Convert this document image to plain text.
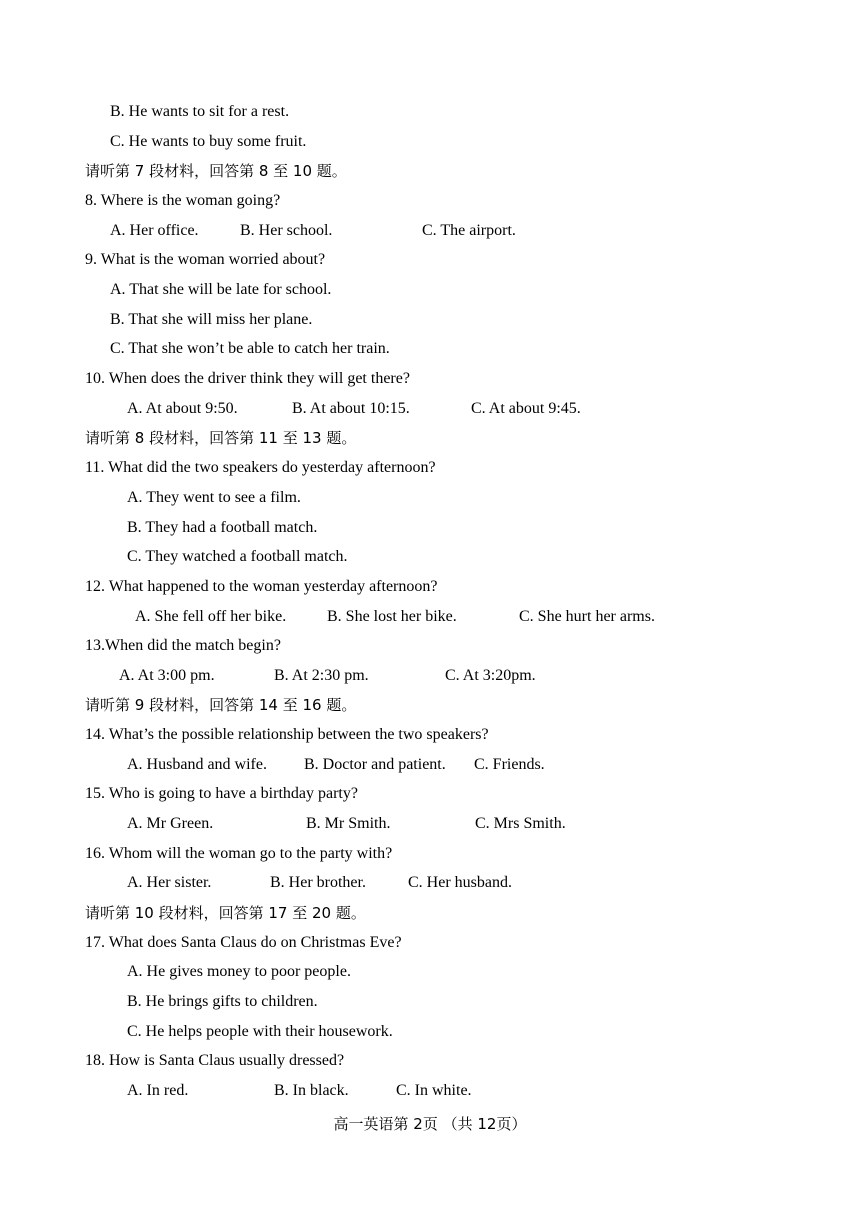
B. He wants to sit for a rest.
C. He wants to buy some fruit.
请听第 7 段材料，回答第 8 至 10 题。
8. Where is the woman going?
A. Her office.	B. Her school.	C. The airport.
9. What is the woman worried about?
A. That she will be late for school.
B. That she will miss her plane.
C. That she won’t be able to catch her train.
10. When does the driver think they will get there?
A. At about 9:50.	B. At about 10:15.	C. At about 9:45.
请听第 8 段材料，回答第 11 至 13 题。
11. What did the two speakers do yesterday afternoon?
A. They went to see a film.
B. They had a football match.
C. They watched a football match.
12. What happened to the woman yesterday afternoon?
A. She fell off her bike.	B. She lost her bike.	C. She hurt her arms.
13.When did the match begin?
A. At 3:00 pm.	B. At 2:30 pm.	C. At 3:20pm.
请听第 9 段材料，回答第 14 至 16 题。
14. What’s the possible relationship between the two speakers?
A. Husband and wife. B. Doctor and patient. C. Friends.
15. Who is going to have a birthday party?
A. Mr Green.	B. Mr Smith.	C. Mrs Smith.
16. Whom will the woman go to the party with?
A. Her sister.	B. Her brother.	C. Her husband.
请听第 10 段材料，回答第 17 至 20 题。
17. What does Santa Claus do on Christmas Eve?
A. He gives money to poor people.
B. He brings gifts to children.
C. He helps people with their housework.
18. How is Santa Claus usually dressed?
A. In red.	B. In black.	C. In white.
高一英语第 2页 （共 12页）
